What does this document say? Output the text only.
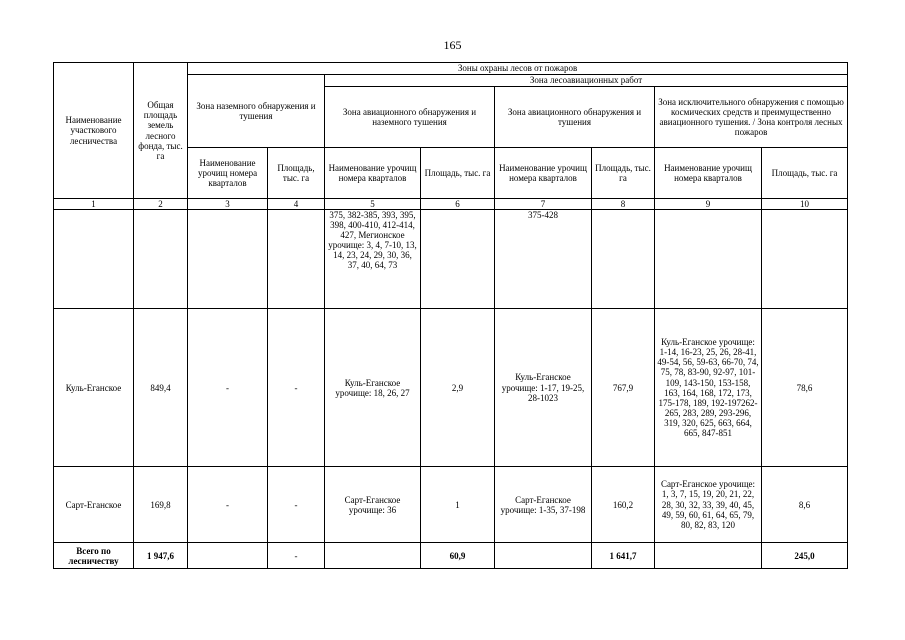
165
Наименование участкового лесничества	Общая площадь земель лесного фонда, тыс. га	Зоны охраны лесов от пожаров							
		Зона наземного обнаружения и тушения		Зона лесоавиационных работ					
				Зона авиационного обнаружения и наземного тушения		Зона авиационного обнаружения и тушения		Зона исключительного обнаружения с помощью космических средств и преимущественно авиационного тушения. / Зона контроля лесных пожаров	
		Наименование урочищ номера кварталов	Площадь, тыс. га	Наименование урочищ номера кварталов	Площадь, тыс. га	Наименование урочищ номера кварталов	Площадь, тыс. га	Наименование урочищ номера кварталов	Площадь, тыс. га
1	2	3	4	5	6	7	8	9	10
				375, 382-385, 393, 395, 398, 400-410, 412-414, 427, Мегионское урочище: 3, 4, 7-10, 13, 14, 23, 24, 29, 30, 36, 37, 40, 64, 73		375-428			
Куль-Еганское	849,4	-	-	Куль-Еганское урочище: 18, 26, 27	2,9	Куль-Еганское урочище: 1-17, 19-25, 28-1023	767,9	Куль-Еганское урочище: 1-14, 16-23, 25, 26, 28-41, 49-54, 56, 59-63, 66-70, 74, 75, 78, 83-90, 92-97, 101-109, 143-150, 153-158, 163, 164, 168, 172, 173, 175-178, 189, 192-197262-265, 283, 289, 293-296, 319, 320, 625, 663, 664, 665, 847-851	78,6
Сарт-Еганское	169,8	-	-	Сарт-Еганское урочище: 36	1	Сарт-Еганское урочище: 1-35, 37-198	160,2	Сарт-Еганское урочище: 1, 3, 7, 15, 19, 20, 21, 22, 28, 30, 32, 33, 39, 40, 45, 49, 59, 60, 61, 64, 65, 79, 80, 82, 83, 120	8,6
Всего по лесничеству	1 947,6		-		60,9		1 641,7		245,0
